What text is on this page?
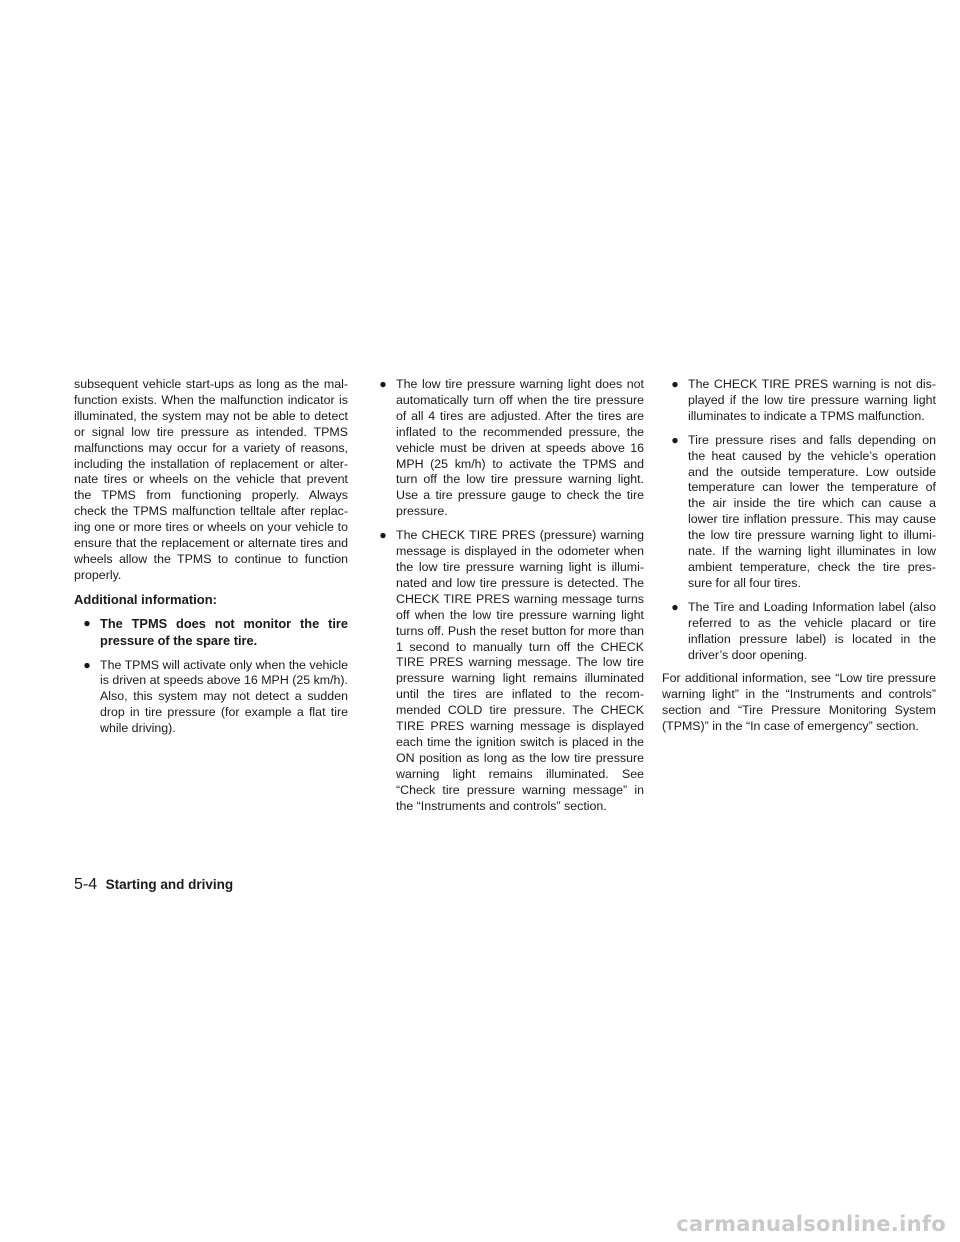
subsequent vehicle start-ups as long as the mal-function exists. When the malfunction indicator is illuminated, the system may not be able to detect or signal low tire pressure as intended. TPMS malfunctions may occur for a variety of reasons, including the installation of replacement or alter-nate tires or wheels on the vehicle that prevent the TPMS from functioning properly. Always check the TPMS malfunction telltale after replac-ing one or more tires or wheels on your vehicle to ensure that the replacement or alternate tires and wheels allow the TPMS to continue to function properly.

Additional information:

● The TPMS does not monitor the tire pressure of the spare tire.
● The TPMS will activate only when the vehicle is driven at speeds above 16 MPH (25 km/h). Also, this system may not detect a sudden drop in tire pressure (for example a flat tire while driving).
● The low tire pressure warning light does not automatically turn off when the tire pressure of all 4 tires are adjusted. After the tires are inflated to the recommended pressure, the vehicle must be driven at speeds above 16 MPH (25 km/h) to activate the TPMS and turn off the low tire pressure warning light. Use a tire pressure gauge to check the tire pressure.
● The CHECK TIRE PRES (pressure) warning message is displayed in the odometer when the low tire pressure warning light is illumi-nated and low tire pressure is detected. The CHECK TIRE PRES warning message turns off when the low tire pressure warning light turns off. Push the reset button for more than 1 second to manually turn off the CHECK TIRE PRES warning message. The low tire pressure warning light remains illuminated until the tires are inflated to the recom-mended COLD tire pressure. The CHECK TIRE PRES warning message is displayed each time the ignition switch is placed in the ON position as long as the low tire pressure warning light remains illuminated. See “Check tire pressure warning message” in the “Instruments and controls” section.
● The CHECK TIRE PRES warning is not dis-played if the low tire pressure warning light illuminates to indicate a TPMS malfunction.
● Tire pressure rises and falls depending on the heat caused by the vehicle’s operation and the outside temperature. Low outside temperature can lower the temperature of the air inside the tire which can cause a lower tire inflation pressure. This may cause the low tire pressure warning light to illumi-nate. If the warning light illuminates in low ambient temperature, check the tire pres-sure for all four tires.
● The Tire and Loading Information label (also referred to as the vehicle placard or tire inflation pressure label) is located in the driver’s door opening.

For additional information, see “Low tire pressure warning light” in the “Instruments and controls” section and “Tire Pressure Monitoring System (TPMS)” in the “In case of emergency” section.

5-4 Starting and driving
carmanualsonline.info
